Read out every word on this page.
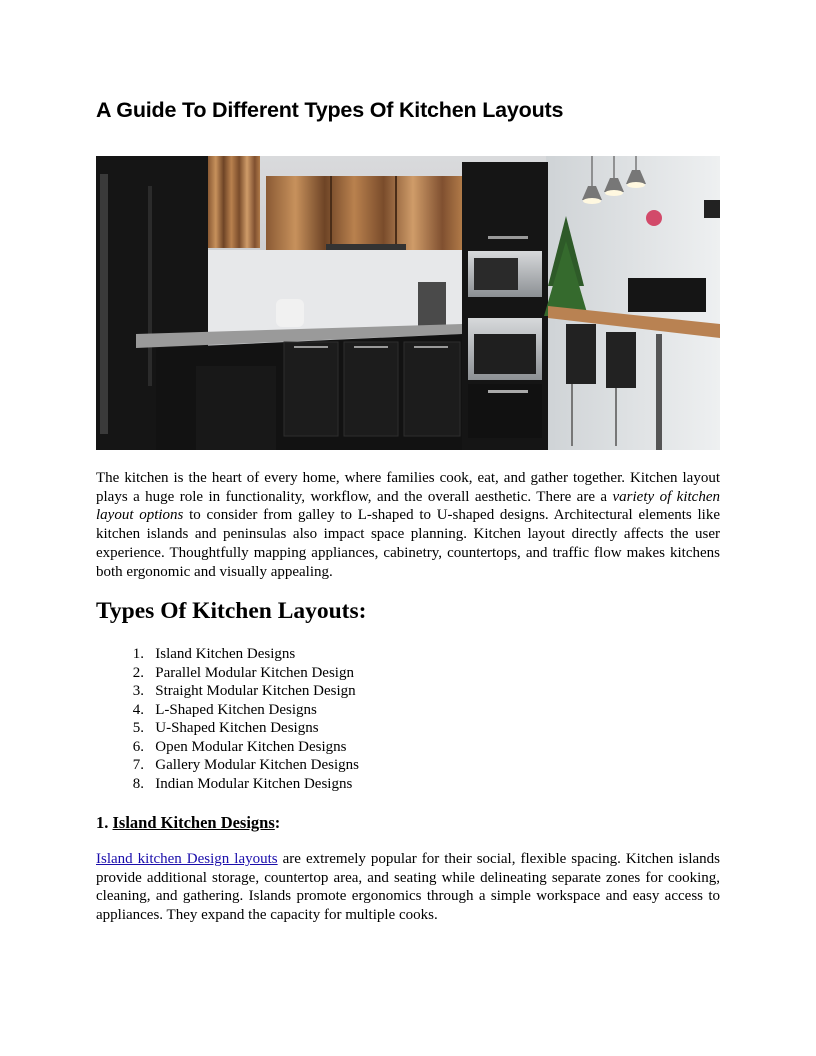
A Guide To Different Types Of Kitchen Layouts

The kitchen is the heart of every home, where families cook, eat, and gather together. Kitchen layout plays a huge role in functionality, workflow, and the overall aesthetic. There are a variety of kitchen layout options to consider from galley to L-shaped to U-shaped designs. Architectural elements like kitchen islands and peninsulas also impact space planning. Kitchen layout directly affects the user experience. Thoughtfully mapping appliances, cabinetry, countertops, and traffic flow makes kitchens both ergonomic and visually appealing.

Types Of Kitchen Layouts:
1. Island Kitchen Designs
2. Parallel Modular Kitchen Design
3. Straight Modular Kitchen Design
4. L-Shaped Kitchen Designs
5. U-Shaped Kitchen Designs
6. Open Modular Kitchen Designs
7. Gallery Modular Kitchen Designs
8. Indian Modular Kitchen Designs
1. Island Kitchen Designs:

Island kitchen Design layouts are extremely popular for their social, flexible spacing. Kitchen islands provide additional storage, countertop area, and seating while delineating separate zones for cooking, cleaning, and gathering. Islands promote ergonomics through a simple workspace and easy access to appliances. They expand the capacity for multiple cooks.
